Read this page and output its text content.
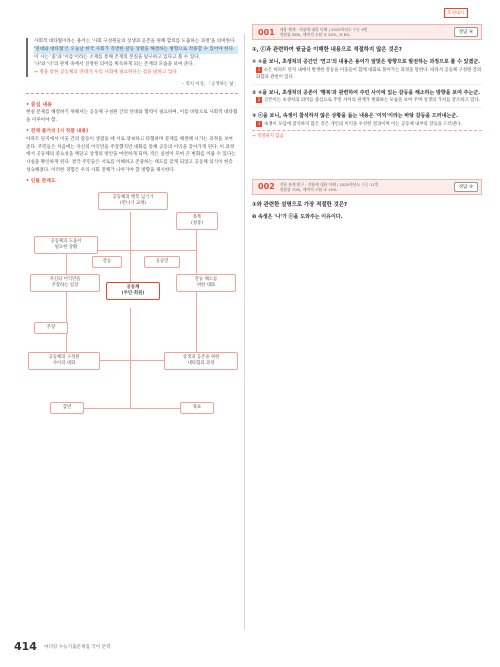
5 현대시

사회적 대타협이라는 용어는 '사회 구성원들의 상생과 공존을 위해 합의를 도출하는 과정'을 의미한다.

'연대와 대타협'은 오늘날 한국 사회가 직면한 갈등 상황을 해결하는 방향으로 작용할 수 있어야 한다.

이 시는 '꽃'과 '이름'이라는 소재를 통해 존재의 본질을 탐구하고 있다고 볼 수 있다.

'나'와 '너'의 관계 속에서 진정한 의미를 획득하게 되는 존재의 모습을 보여 준다.

→ 정을 통한 공동체의 연대가 우리 사회에 필요하다는 점을 말하고 있다.

- 정치 이상, 「공생하는 삶」

• 중심 내용

현실 문제를 해결하기 위해서는 공동체 구성원 간의 연대와 협력이 필요하며, 이를 바탕으로 사회적 대타협을 이루어야 함.

• 전체 줄거리 (시 작품 내용)

아파트 단지에서 이웃 간의 갈등이 생겼을 때 서로 양보하고 타협하며 문제를 해결해 나가는 과정을 보여 준다. 주민들은 처음에는 자신의 이익만을 주장했지만 대화를 통해 공동의 이익을 찾아가게 된다. 이 과정에서 공동체의 중요성을 깨닫고 상생의 방안을 마련하게 되며, 작은 실천이 모여 큰 변화를 이룰 수 있다는 사실을 확인하게 된다. 결국 주민들은 서로를 이해하고 존중하는 태도를 갖게 되었고 공동체 의식이 한층 성숙해졌다. 이러한 경험은 우리 사회 전체가 나아가야 할 방향을 제시한다.

• 인물 관계도

공동체의 행복 넘기기
(만나기 교재)
북쪽
(청중)
공동체의 도움이
필요한 상황
자신의 이익만을
주장하는 입장	공동체
(주민·회원)
갈등	공공연
갈등 해소를
위한 대화
주장
공동체의 구성원
사이의 대화
상생과 공존을 위한
대타협의 과정
감면	목표
001	내용 체계 · 작품에 대한 이해 | 2025학년도 수능 9번
정답률 58%, 매력적 오답 ⑤ 20%, ③ 8%	정답 ④

①, ⓒ과 관련하여 윗글을 이해한 내용으로 적절하지 않은 것은?

① ①을 보니, 초생처의 공간인 '연고'의 내용은 용어가 알맞은 방향으로 발전하는 과정으로 볼 수 있겠군.

1 ①은 아파트 단지 내에서 발생한 갈등을 이웃들이 함께 대화로 풀어가는 과정을 말한다. 따라서 공동체 구성원 간의 화합과 관련이 있다.

② ①을 보니, 초생처의 공존이 '행복'과 관련하여 주민 사이에 있는 갈등을 해소하는 방향을 보여 주는군.

2 글쓴이는 초생처의 의미를 중심으로 주민 사이의 관계가 변화하는 모습을 보여 주며 상생의 가치를 강조하고 있다.

③ ⓒ을 보니, 속생이 참석하지 않은 상황을 돕는 내용은 '이익'이라는 바탕 갈등을 드러내는군.

3 속생이 모임에 참석하지 않은 것은 개인의 이익을 우선한 결과이며 이는 공동체 내부의 갈등을 드러낸다.

→ 적절하지 않음

002	작품 관계 탐구 · 작품에 대한 이해 | 2025학년도 수능 11번
정답률 70%, 매력적 오답 ② 15%	정답 ③

①와 관련한 설명으로 가장 적절한 것은?

❸ 속생은 '나'가 ⓒ을 도와주는 이유이다.

414 마더텅 수능기출문제집 국어 문학
